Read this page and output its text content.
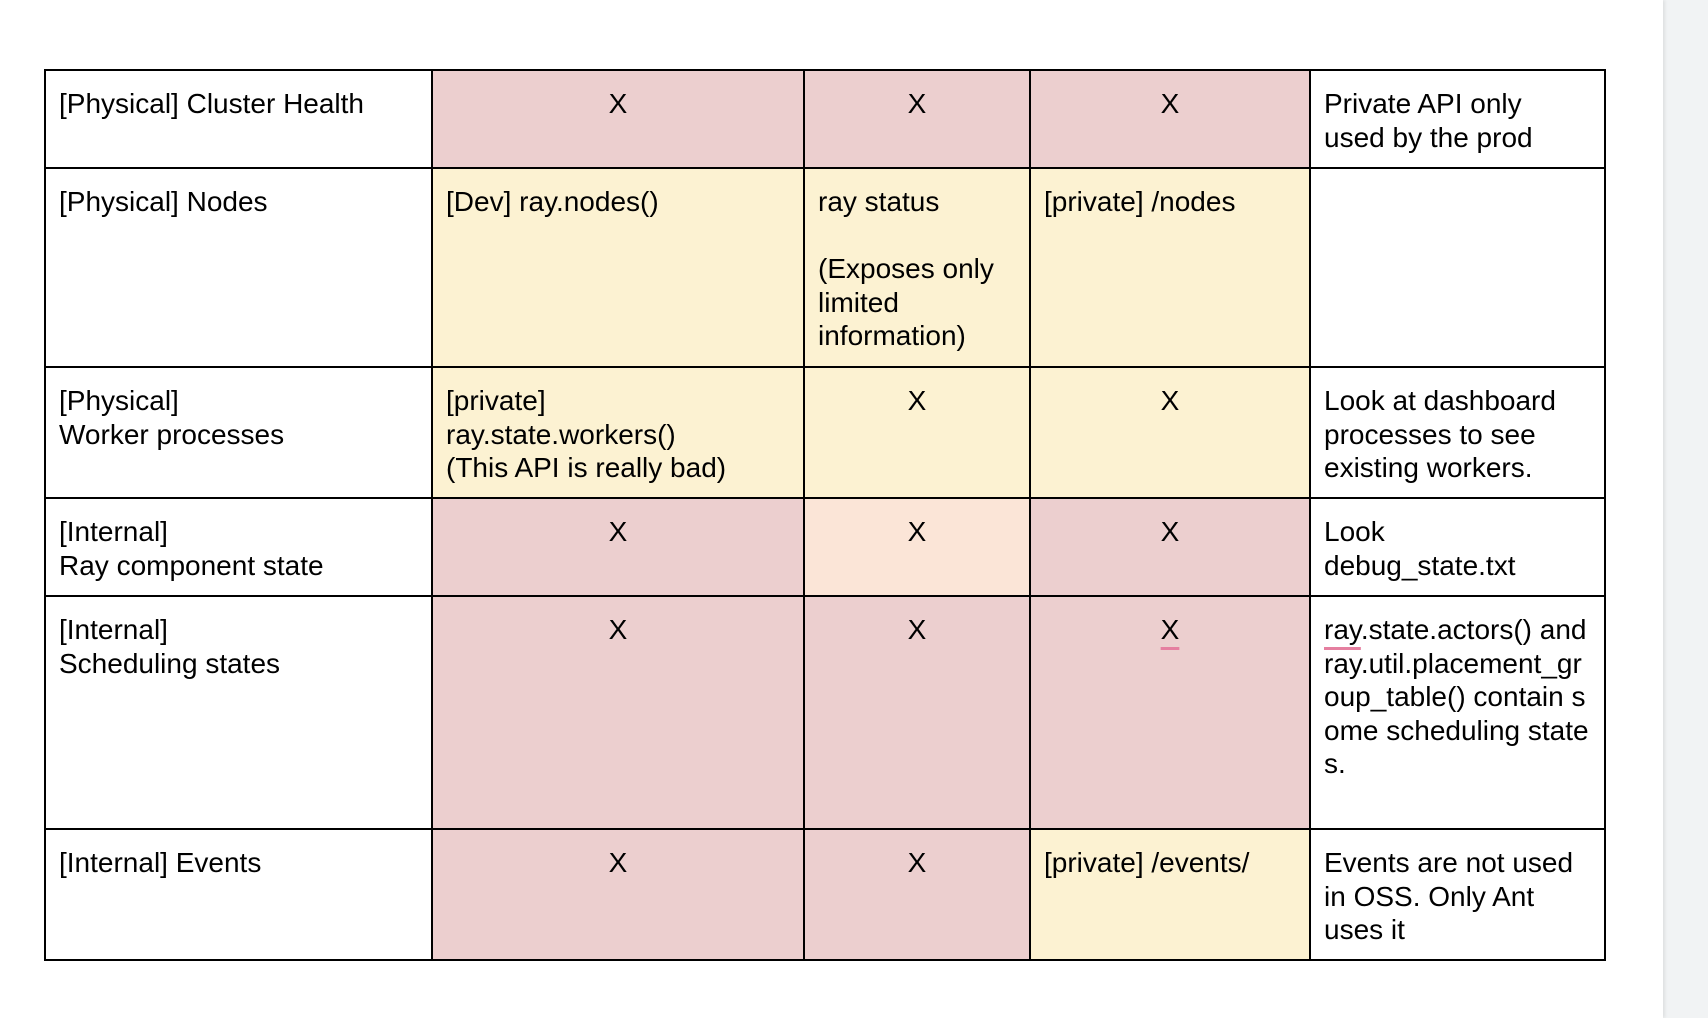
[Physical] Cluster Health	X	X	X	Private API only
used by the prod
[Physical] Nodes	[Dev] ray.nodes()	ray status

(Exposes only limited information)	[private] /nodes	
[Physical]
Worker processes	[private]
ray.state.workers()
(This API is really bad)	X	X	Look at dashboard processes to see existing workers.
[Internal]
Ray component state	X	X	X	Look
debug_state.txt
[Internal]
Scheduling states	X	X	X	ray.state.actors() and ray.util.placement_group_table() contain some scheduling states.
[Internal] Events	X	X	[private] /events/	Events are not used in OSS. Only Ant uses it
